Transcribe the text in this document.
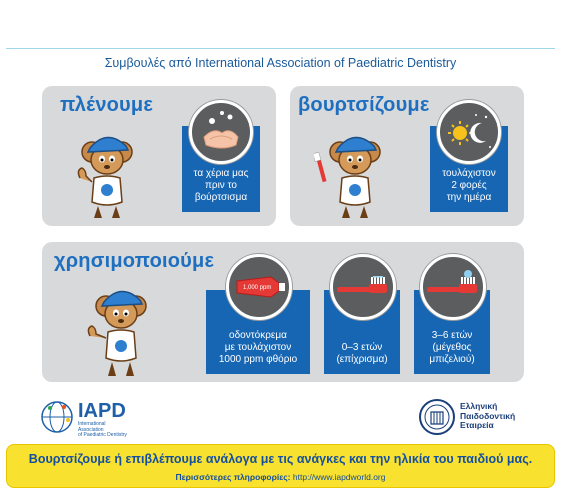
Συμβουλές από International Association of Paediatric Dentistry
πλένουμε
τα χέρια μας
πριν το
βούρτσισμα
βουρτσίζουμε
τουλάχιστον
2 φορές
την ημέρα
χρησιμοποιούμε
οδοντόκρεμα
με τουλάχιστον
1000 ppm φθόριο
1,000 ppm
0–3 ετών
(επίχρισμα)
3–6 ετών
(μέγεθος
μπιζελιού)
IAPD
International Association
of Paediatric Dentistry
Ελληνική
Παιδοδοντική
Εταιρεία
Βουρτσίζουμε ή επιβλέπουμε ανάλογα με τις ανάγκες και την ηλικία του παιδιού μας.
Περισσότερες πληροφορίες: http://www.iapdworld.org
